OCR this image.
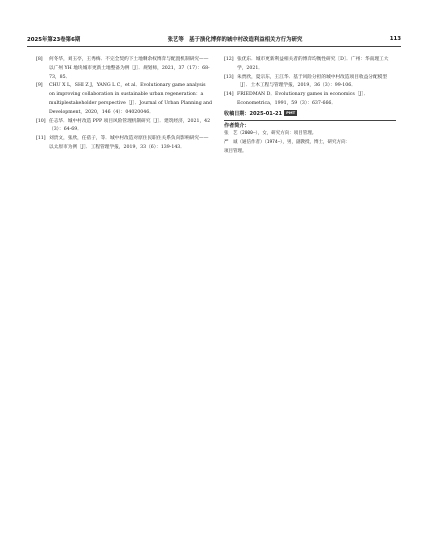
2025年第23卷第6期	张艺等　基于演化博弈的城中村改造利益相关方行为研究	113
[8]	何冬华，刘玉亭，王秀梅．不完全契约下土地剩余权博弈与配置机制研究——以广州 YH 地块城市更新土地整备为例［J］．规划师，2021，37（17）：68-73，85．
[9]	CHU X L，SHI Z J，YANG L C，et al．Evolutionary game analysis on improving collaboration in sustainable urban regeneration：a multiplestakeholder perspective［J］．Journal of Urban Planning and Development，2020，146（4）：04020046．
[10] 任志华．城中村改造 PPP 项目风险管理机制研究［J］．建筑经济，2021，42（3）：64-69．
[11] 刘贵文，张欣，任蓓子，等．城中村改造对原住民职住关系负向影响研究——以太原市为例［J］．工程管理学报，2019，33（6）：139-143．
[12] 张优东．城市更新利益相关者的博弈均衡性研究［D］．广州：华南理工大学，2021．
[13] 朱贾欣，夏宗东，王江华．基于风险分担的城中村改造项目收益分配模型［J］．土木工程与管理学报，2019，36（3）：99-106．
[14] FRIEDMAN D．Evolutionary games in economics［J］．Econometrica，1991，59（3）：637-666．
收稿日期：2025-01-21 PMT
作者简介：
张　艺（2000—），女，研究方向：项目管理。
严　诚（通信作者）（1974—），男，副教授，博士，研究方向：
项目管理。
